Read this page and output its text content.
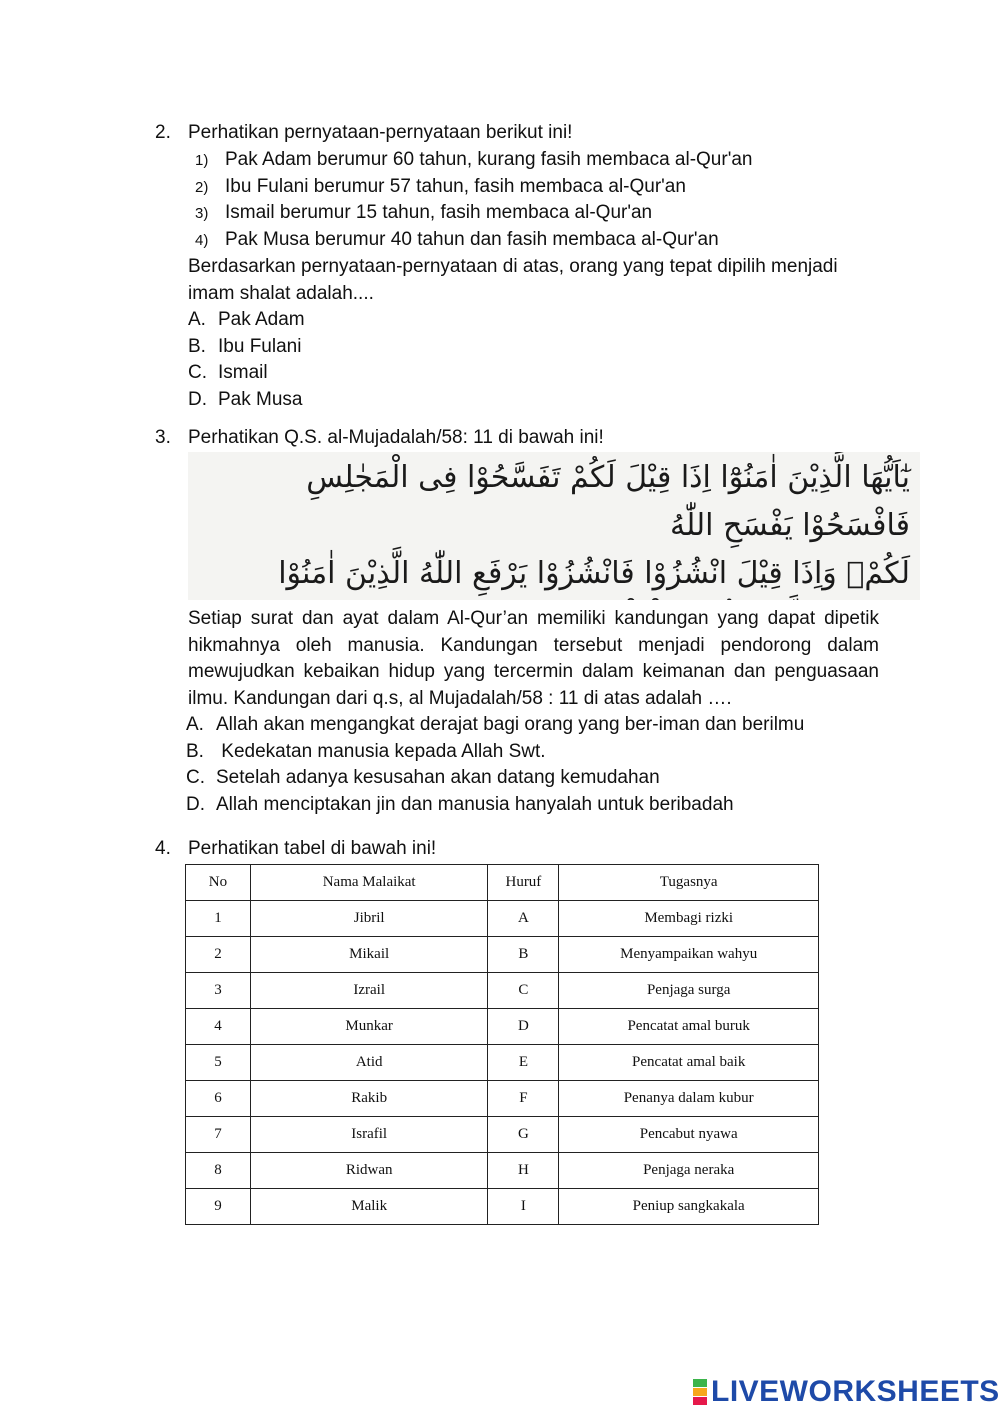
2. Perhatikan pernyataan-pernyataan berikut ini!
1) Pak Adam berumur 60 tahun, kurang fasih membaca al-Qur'an
2) Ibu Fulani berumur 57 tahun, fasih membaca al-Qur'an
3) Ismail berumur 15 tahun, fasih membaca al-Qur'an
4) Pak Musa berumur 40 tahun dan fasih membaca al-Qur'an
Berdasarkan pernyataan-pernyataan di atas, orang yang tepat dipilih menjadi
imam shalat adalah....
A. Pak Adam
B. Ibu Fulani
C. Ismail
D. Pak Musa
3. Perhatikan Q.S. al-Mujadalah/58: 11 di bawah ini!
يٰٓاَيُّهَا الَّذِيْنَ اٰمَنُوْٓا اِذَا قِيْلَ لَكُمْ تَفَسَّحُوْا فِى الْمَجٰلِسِ فَافْسَحُوْا يَفْسَحِ اللّٰهُ
لَكُمْۚ وَاِذَا قِيْلَ انْشُزُوْا فَانْشُزُوْا يَرْفَعِ اللّٰهُ الَّذِيْنَ اٰمَنُوْا
Setiap surat dan ayat dalam Al-Qur’an memiliki kandungan yang dapat dipetik hikmahnya oleh manusia. Kandungan tersebut menjadi pendorong dalam mewujudkan kebaikan hidup yang tercermin dalam keimanan dan penguasaan ilmu. Kandungan dari q.s, al Mujadalah/58 : 11 di atas adalah ….
A. Allah akan mengangkat derajat bagi orang yang ber-iman dan berilmu
B. Kedekatan manusia kepada Allah Swt.
C. Setelah adanya kesusahan akan datang kemudahan
D. Allah menciptakan jin dan manusia hanyalah untuk beribadah
4. Perhatikan tabel di bawah ini!
No	Nama Malaikat	Huruf	Tugasnya
1	Jibril	A	Membagi rizki
2	Mikail	B	Menyampaikan wahyu
3	Izrail	C	Penjaga surga
4	Munkar	D	Pencatat amal buruk
5	Atid	E	Pencatat amal baik
6	Rakib	F	Penanya dalam kubur
7	Israfil	G	Pencabut nyawa
8	Ridwan	H	Penjaga neraka
9	Malik	I	Peniup sangkakala
LIVEWORKSHEETS
